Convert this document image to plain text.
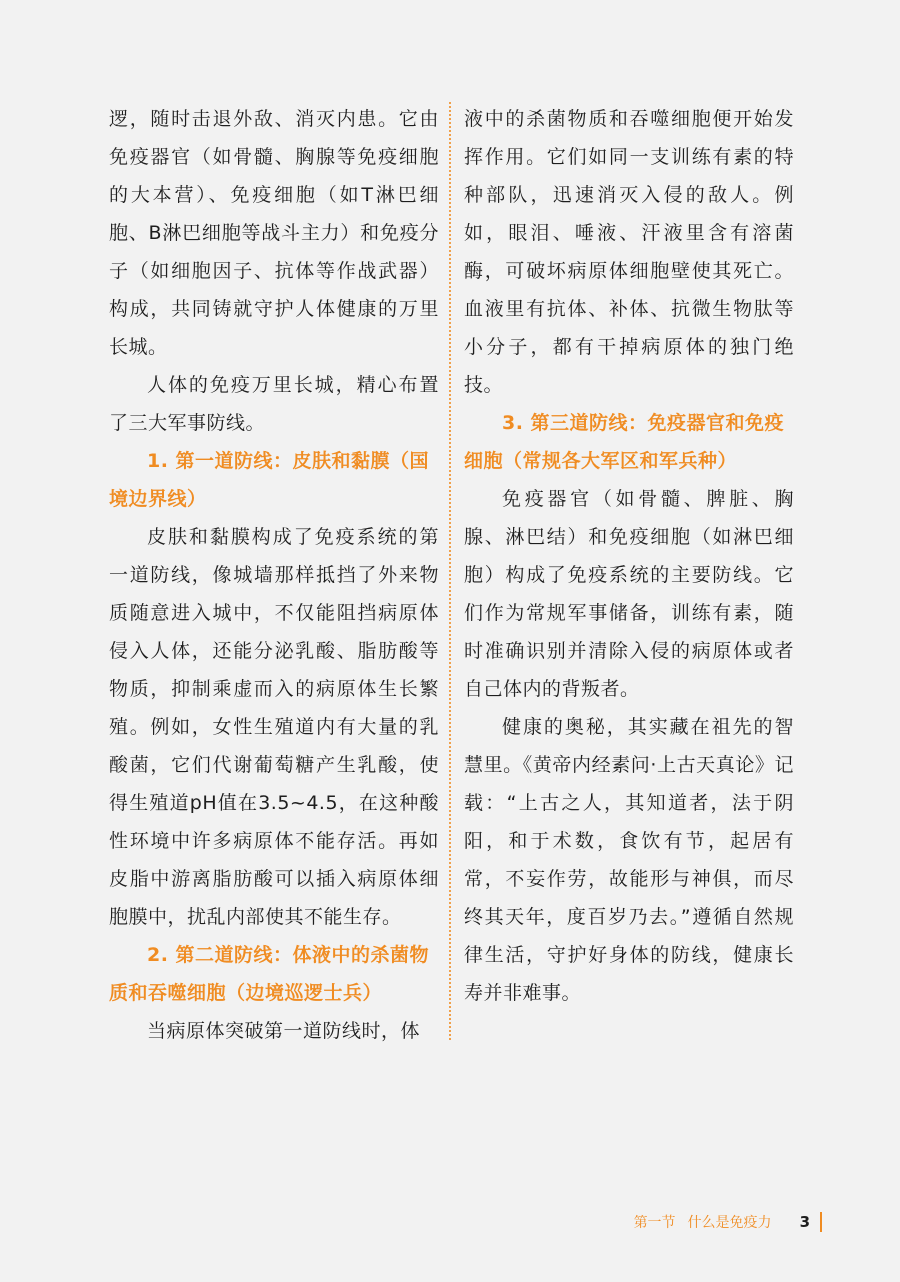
逻，随时击退外敌、消灭内患。它由免疫器官（如骨髓、胸腺等免疫细胞的大本营）、免疫细胞（如T淋巴细胞、B淋巴细胞等战斗主力）和免疫分子（如细胞因子、抗体等作战武器）构成，共同铸就守护人体健康的万里长城。

人体的免疫万里长城，精心布置了三大军事防线。

1. 第一道防线：皮肤和黏膜（国境边界线）

皮肤和黏膜构成了免疫系统的第一道防线，像城墙那样抵挡了外来物质随意进入城中，不仅能阻挡病原体侵入人体，还能分泌乳酸、脂肪酸等物质，抑制乘虚而入的病原体生长繁殖。例如，女性生殖道内有大量的乳酸菌，它们代谢葡萄糖产生乳酸，使得生殖道pH值在3.5~4.5，在这种酸性环境中许多病原体不能存活。再如皮脂中游离脂肪酸可以插入病原体细胞膜中，扰乱内部使其不能生存。

2. 第二道防线：体液中的杀菌物质和吞噬细胞（边境巡逻士兵）

当病原体突破第一道防线时，体

液中的杀菌物质和吞噬细胞便开始发挥作用。它们如同一支训练有素的特种部队，迅速消灭入侵的敌人。例如，眼泪、唾液、汗液里含有溶菌酶，可破坏病原体细胞壁使其死亡。血液里有抗体、补体、抗微生物肽等小分子，都有干掉病原体的独门绝技。

3. 第三道防线：免疫器官和免疫细胞（常规各大军区和军兵种）

免疫器官（如骨髓、脾脏、胸腺、淋巴结）和免疫细胞（如淋巴细胞）构成了免疫系统的主要防线。它们作为常规军事储备，训练有素，随时准确识别并清除入侵的病原体或者自己体内的背叛者。

健康的奥秘，其实藏在祖先的智慧里。《黄帝内经素问·上古天真论》记载：“上古之人，其知道者，法于阴阳，和于术数，食饮有节，起居有常，不妄作劳，故能形与神俱，而尽终其天年，度百岁乃去。”遵循自然规律生活，守护好身体的防线，健康长寿并非难事。

第一节 什么是免疫力 3
